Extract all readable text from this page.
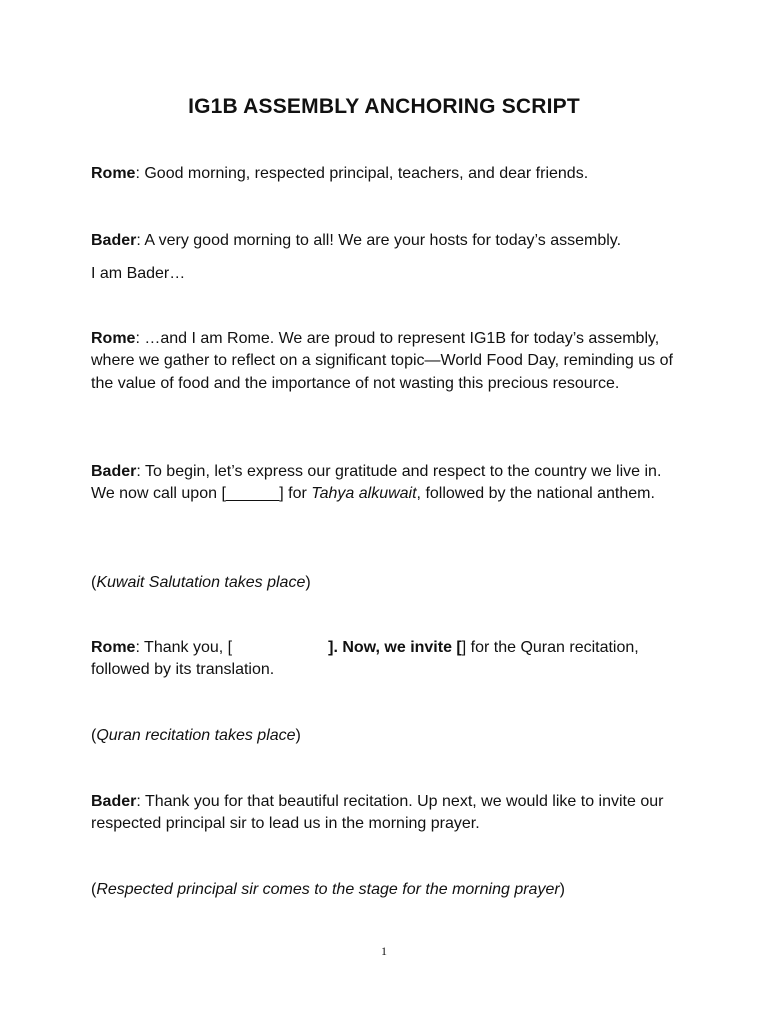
IG1B ASSEMBLY ANCHORING SCRIPT

Rome: Good morning, respected principal, teachers, and dear friends.

Bader: A very good morning to all! We are your hosts for today’s assembly.

I am Bader…

Rome: …and I am Rome. We are proud to represent IG1B for today’s assembly, where we gather to reflect on a significant topic—World Food Day, reminding us of the value of food and the importance of not wasting this precious resource.

Bader: To begin, let’s express our gratitude and respect to the country we live in. We now call upon [______] for Tahya alkuwait, followed by the national anthem.

(Kuwait Salutation takes place)

Rome: Thank you, [	]. Now, we invite [] for the Quran recitation, followed by its translation.

(Quran recitation takes place)

Bader: Thank you for that beautiful recitation. Up next, we would like to invite our respected principal sir to lead us in the morning prayer.

(Respected principal sir comes to the stage for the morning prayer)

1
